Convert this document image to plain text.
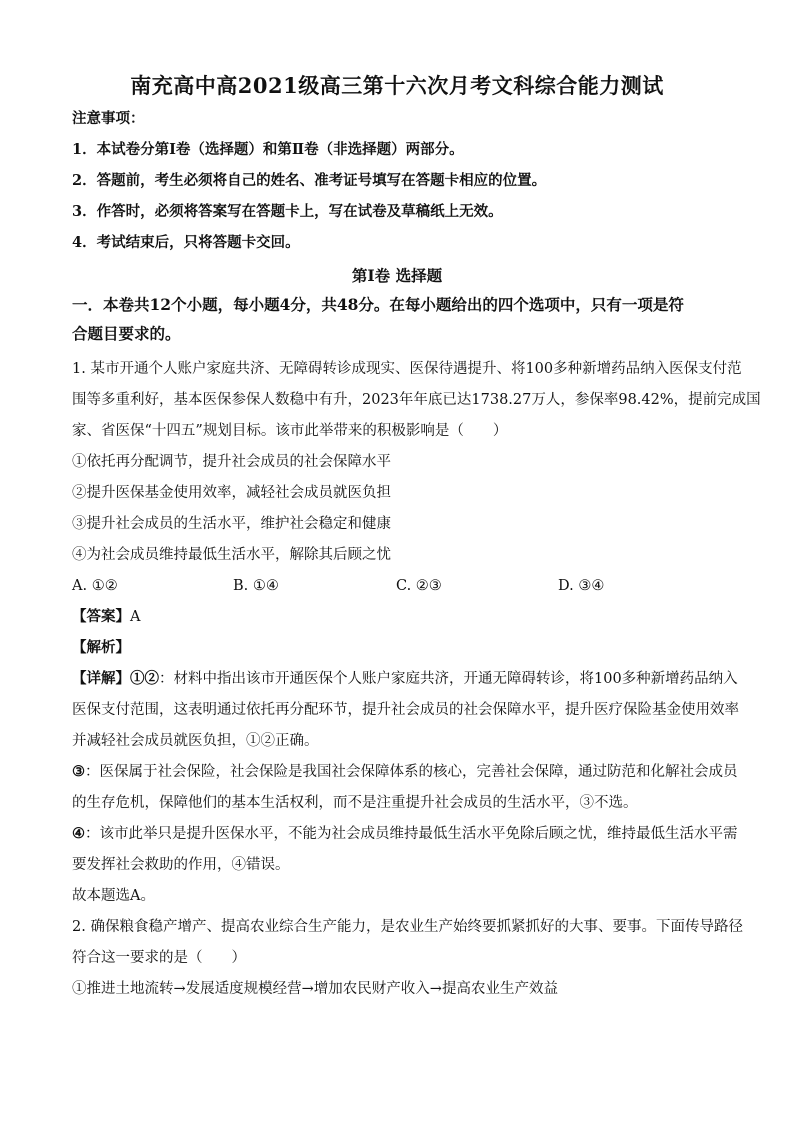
南充高中高2021级高三第十六次月考文科综合能力测试
注意事项：
1．本试卷分第Ⅰ卷（选择题）和第Ⅱ卷（非选择题）两部分。
2．答题前，考生必须将自己的姓名、准考证号填写在答题卡相应的位置。
3．作答时，必须将答案写在答题卡上，写在试卷及草稿纸上无效。
4．考试结束后，只将答题卡交回。
第Ⅰ卷 选择题
一．本卷共12个小题，每小题4分，共48分。在每小题给出的四个选项中，只有一项是符
合题目要求的。
1. 某市开通个人账户家庭共济、无障碍转诊成现实、医保待遇提升、将100多种新增药品纳入医保支付范
围等多重利好，基本医保参保人数稳中有升，2023年年底已达1738.27万人，参保率98.42%，提前完成国
家、省医保“十四五”规划目标。该市此举带来的积极影响是（　　）
①依托再分配调节，提升社会成员的社会保障水平
②提升医保基金使用效率，减轻社会成员就医负担
③提升社会成员的生活水平，维护社会稳定和健康
④为社会成员维持最低生活水平，解除其后顾之忧
A. ①②	B. ①④	C. ②③	D. ③④
【答案】A
【解析】
【详解】①②：材料中指出该市开通医保个人账户家庭共济，开通无障碍转诊，将100多种新增药品纳入
医保支付范围，这表明通过依托再分配环节，提升社会成员的社会保障水平，提升医疗保险基金使用效率
并减轻社会成员就医负担，①②正确。
③：医保属于社会保险，社会保险是我国社会保障体系的核心，完善社会保障，通过防范和化解社会成员
的生存危机，保障他们的基本生活权利，而不是注重提升社会成员的生活水平，③不选。
④：该市此举只是提升医保水平，不能为社会成员维持最低生活水平免除后顾之忧，维持最低生活水平需
要发挥社会救助的作用，④错误。
故本题选A。
2. 确保粮食稳产增产、提高农业综合生产能力，是农业生产始终要抓紧抓好的大事、要事。下面传导路径
符合这一要求的是（　　）
①推进土地流转→发展适度规模经营→增加农民财产收入→提高农业生产效益
